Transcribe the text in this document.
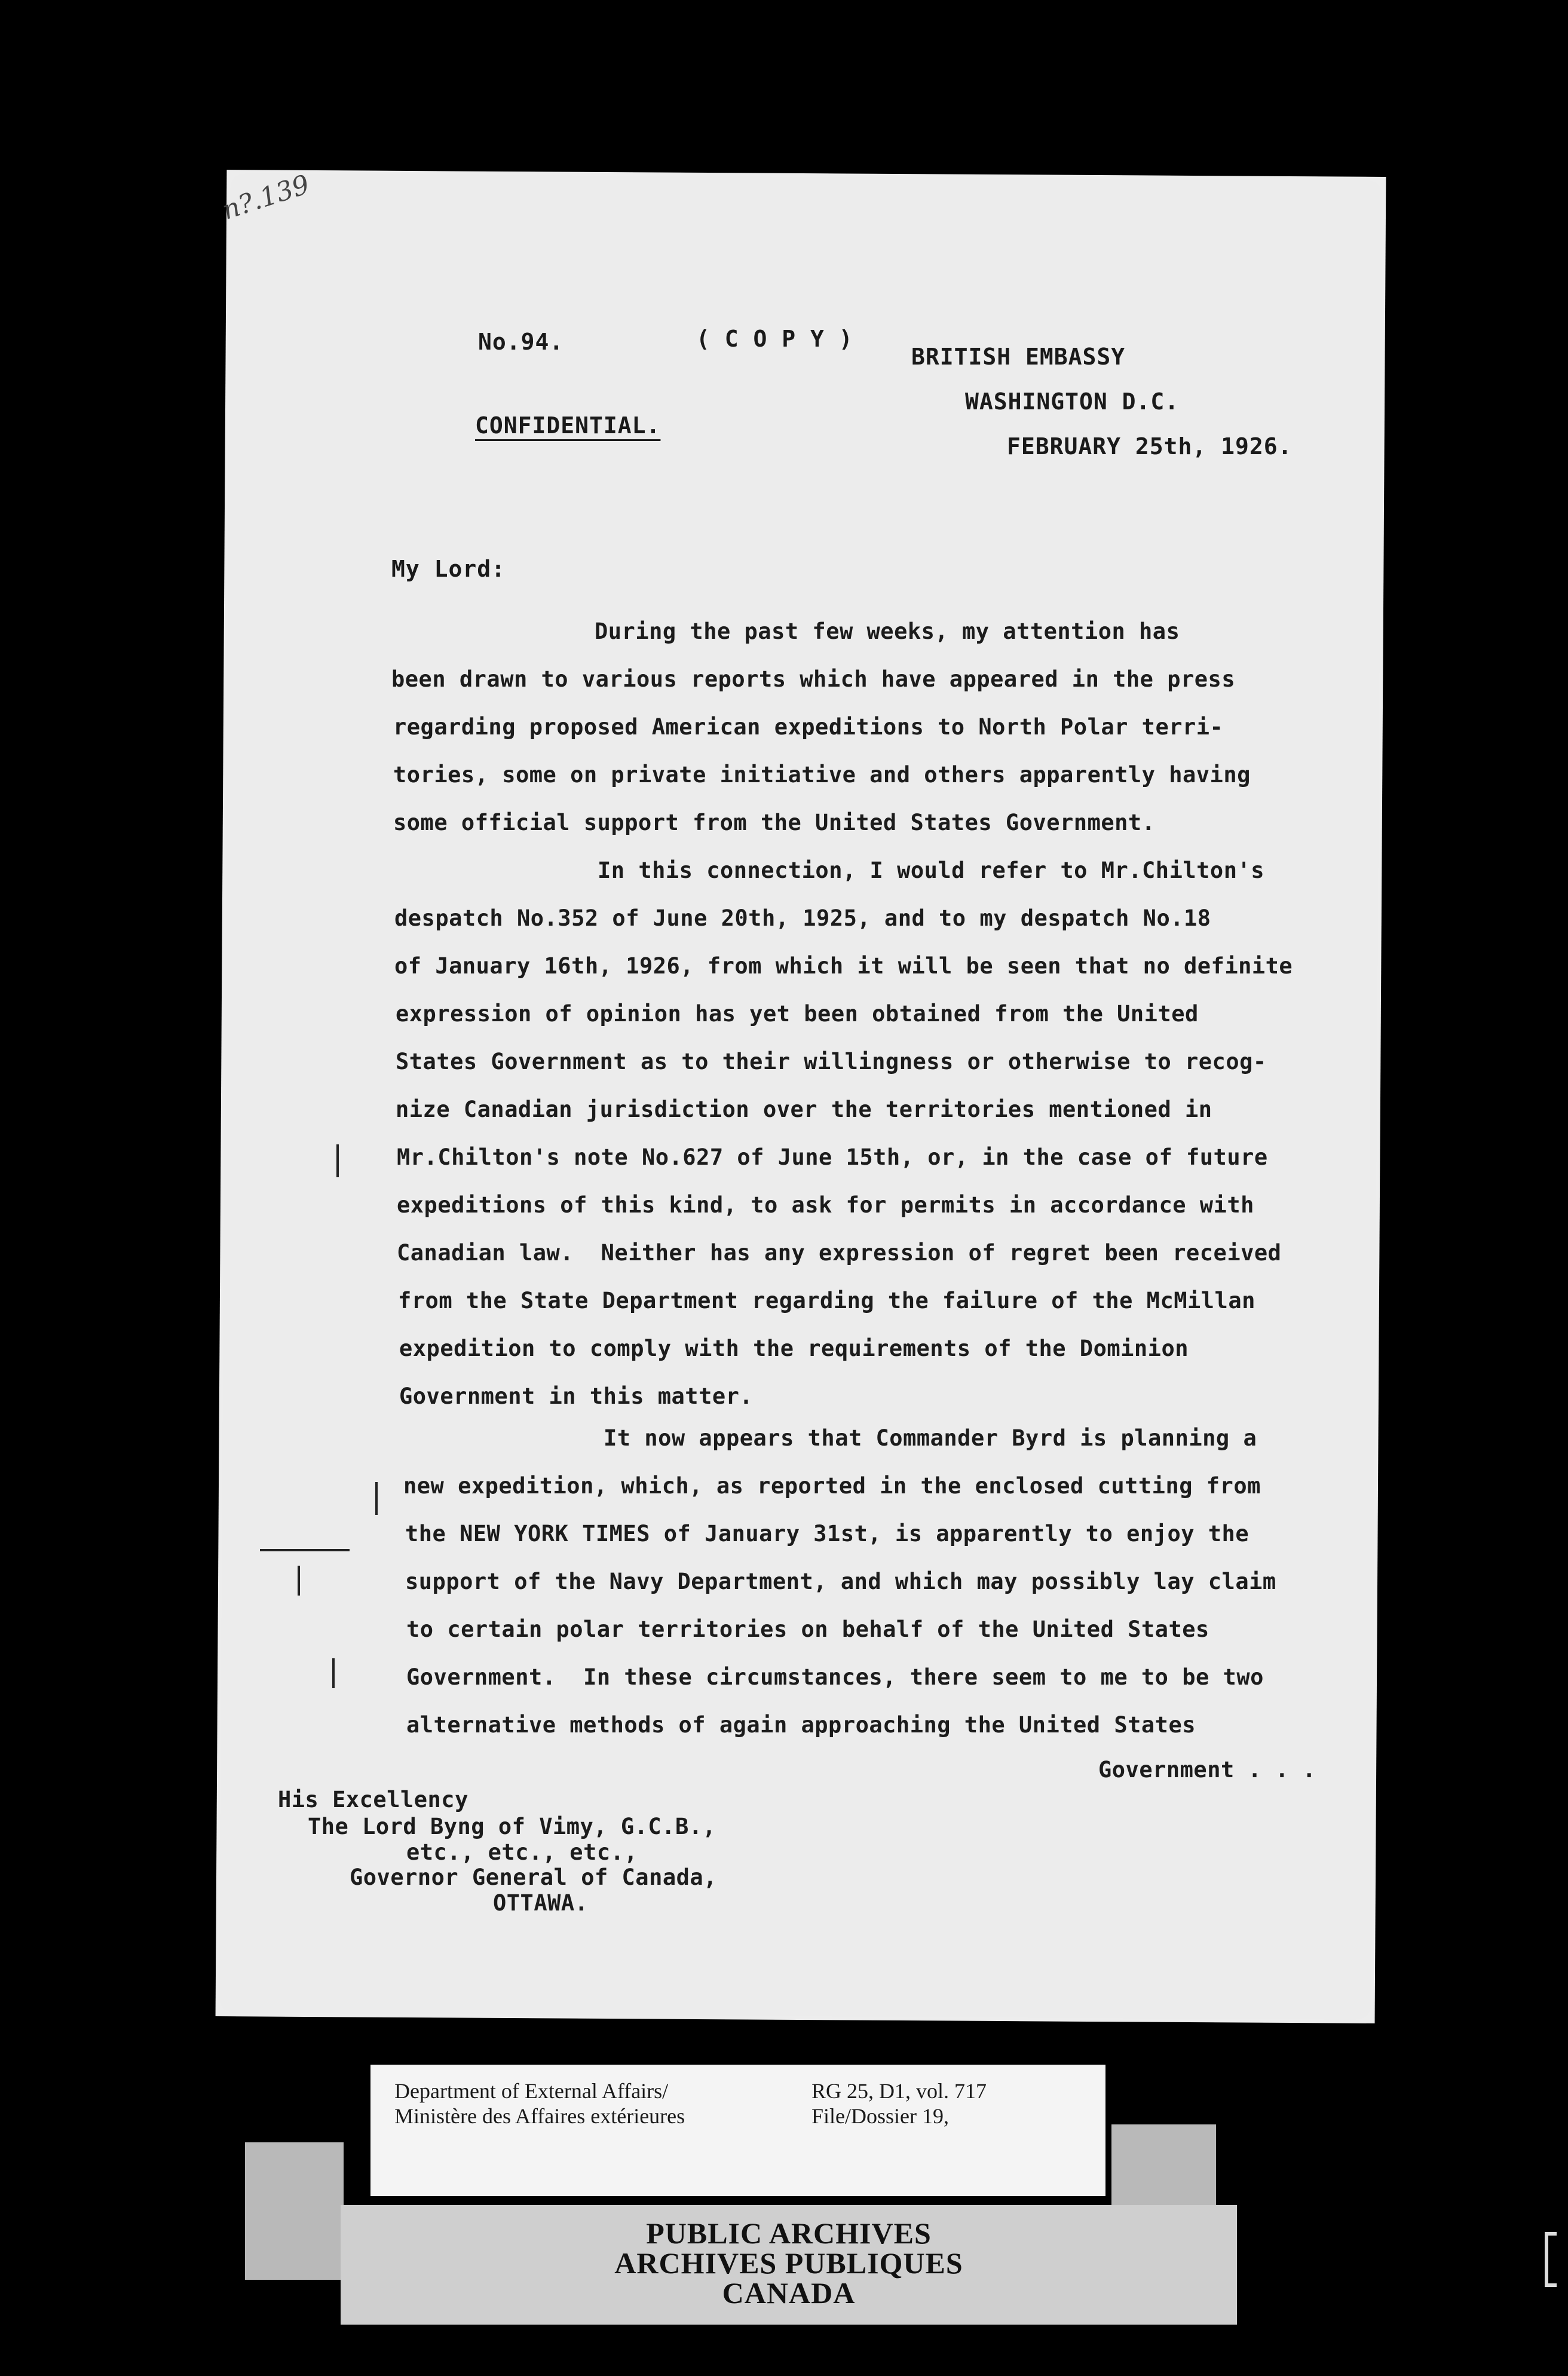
n?.139
No.94.	( C O P Y )
BRITISH EMBASSY
WASHINGTON D.C.
FEBRUARY 25th, 1926.
CONFIDENTIAL.
My Lord:
During the past few weeks, my attention has
been drawn to various reports which have appeared in the press
regarding proposed American expeditions to North Polar terri-
tories, some on private initiative and others apparently having
some official support from the United States Government.
In this connection, I would refer to Mr.Chilton's
despatch No.352 of June 20th, 1925, and to my despatch No.18
of January 16th, 1926, from which it will be seen that no definite
expression of opinion has yet been obtained from the United
States Government as to their willingness or otherwise to recog-
nize Canadian jurisdiction over the territories mentioned in
Mr.Chilton's note No.627 of June 15th, or, in the case of future
expeditions of this kind, to ask for permits in accordance with
Canadian law.  Neither has any expression of regret been received
from the State Department regarding the failure of the McMillan
expedition to comply with the requirements of the Dominion
Government in this matter.
It now appears that Commander Byrd is planning a
new expedition, which, as reported in the enclosed cutting from
the NEW YORK TIMES of January 31st, is apparently to enjoy the
support of the Navy Department, and which may possibly lay claim
to certain polar territories on behalf of the United States
Government.  In these circumstances, there seem to me to be two
alternative methods of again approaching the United States
Government . . .
His Excellency
The Lord Byng of Vimy, G.C.B.,
etc., etc., etc.,
Governor General of Canada,
OTTAWA.
Department of External Affairs/
Ministère des Affaires extérieures
RG 25, D1, vol. 717
File/Dossier 19,
PUBLIC ARCHIVES
ARCHIVES PUBLIQUES
CANADA
